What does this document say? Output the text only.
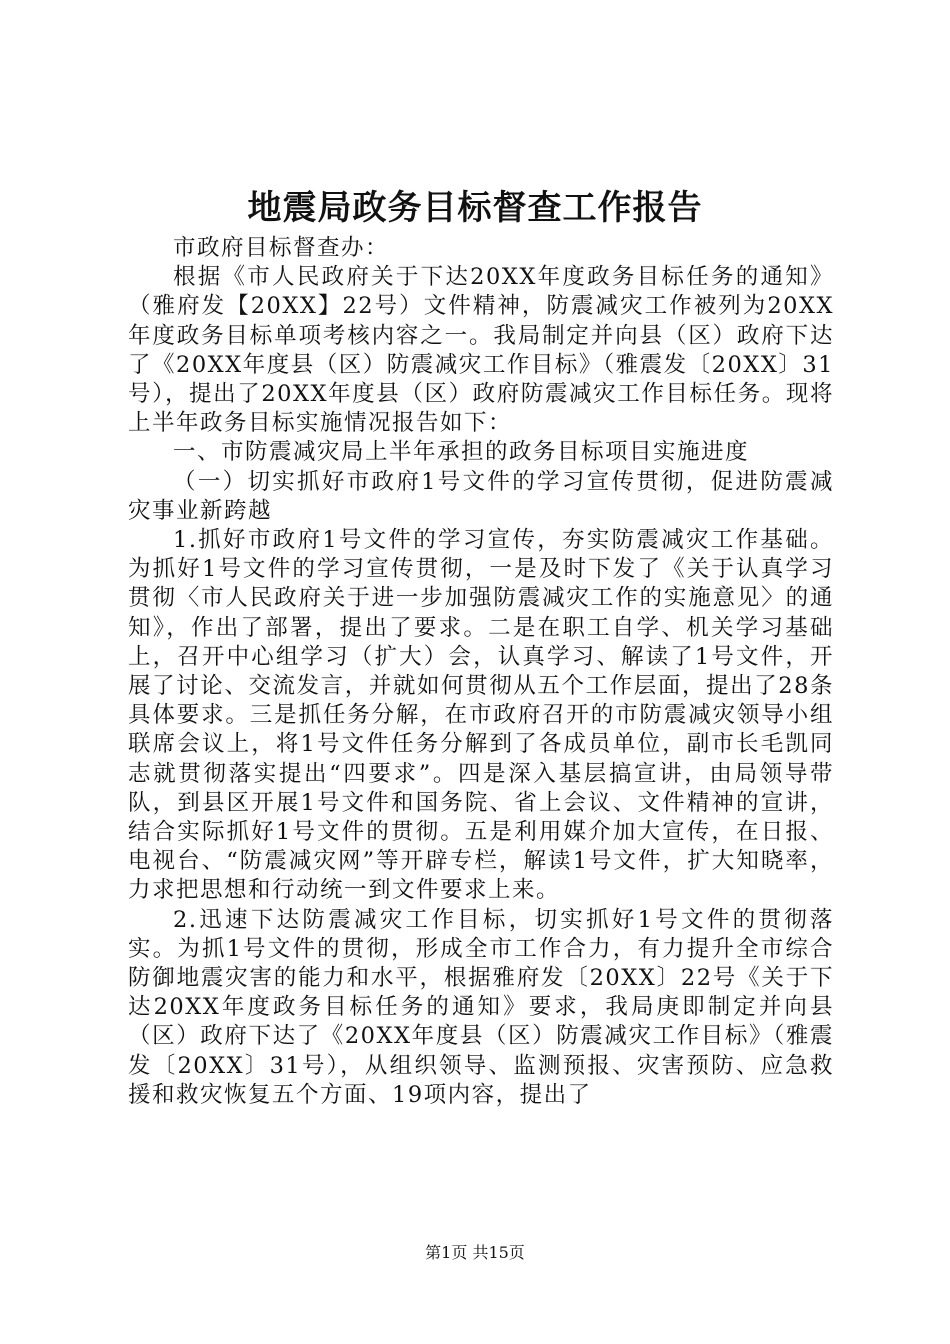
地震局政务目标督查工作报告

市政府目标督查办：

根据《市人民政府关于下达20XX年度政务目标任务的通知》（雅府发【20XX】22号）文件精神，防震减灾工作被列为20XX年度政务目标单项考核内容之一。我局制定并向县（区）政府下达了《20XX年度县（区）防震减灾工作目标》（雅震发〔20XX〕31号），提出了20XX年度县（区）政府防震减灾工作目标任务。现将上半年政务目标实施情况报告如下：

一、市防震减灾局上半年承担的政务目标项目实施进度

（一）切实抓好市政府1号文件的学习宣传贯彻，促进防震减灾事业新跨越

1.抓好市政府1号文件的学习宣传，夯实防震减灾工作基础。为抓好1号文件的学习宣传贯彻，一是及时下发了《关于认真学习贯彻〈市人民政府关于进一步加强防震减灾工作的实施意见〉的通知》，作出了部署，提出了要求。二是在职工自学、机关学习基础上，召开中心组学习（扩大）会，认真学习、解读了1号文件，开展了讨论、交流发言，并就如何贯彻从五个工作层面，提出了28条具体要求。三是抓任务分解，在市政府召开的市防震减灾领导小组联席会议上，将1号文件任务分解到了各成员单位，副市长毛凯同志就贯彻落实提出“四要求”。四是深入基层搞宣讲，由局领导带队，到县区开展1号文件和国务院、省上会议、文件精神的宣讲，结合实际抓好1号文件的贯彻。五是利用媒介加大宣传，在日报、电视台、“防震减灾网”等开辟专栏，解读1号文件，扩大知晓率，力求把思想和行动统一到文件要求上来。

2.迅速下达防震减灾工作目标，切实抓好1号文件的贯彻落实。为抓1号文件的贯彻，形成全市工作合力，有力提升全市综合防御地震灾害的能力和水平，根据雅府发〔20XX〕22号《关于下达20XX年度政务目标任务的通知》要求，我局庚即制定并向县（区）政府下达了《20XX年度县（区）防震减灾工作目标》（雅震发〔20XX〕31号），从组织领导、监测预报、灾害预防、应急救援和救灾恢复五个方面、19项内容，提出了

第1页 共15页
